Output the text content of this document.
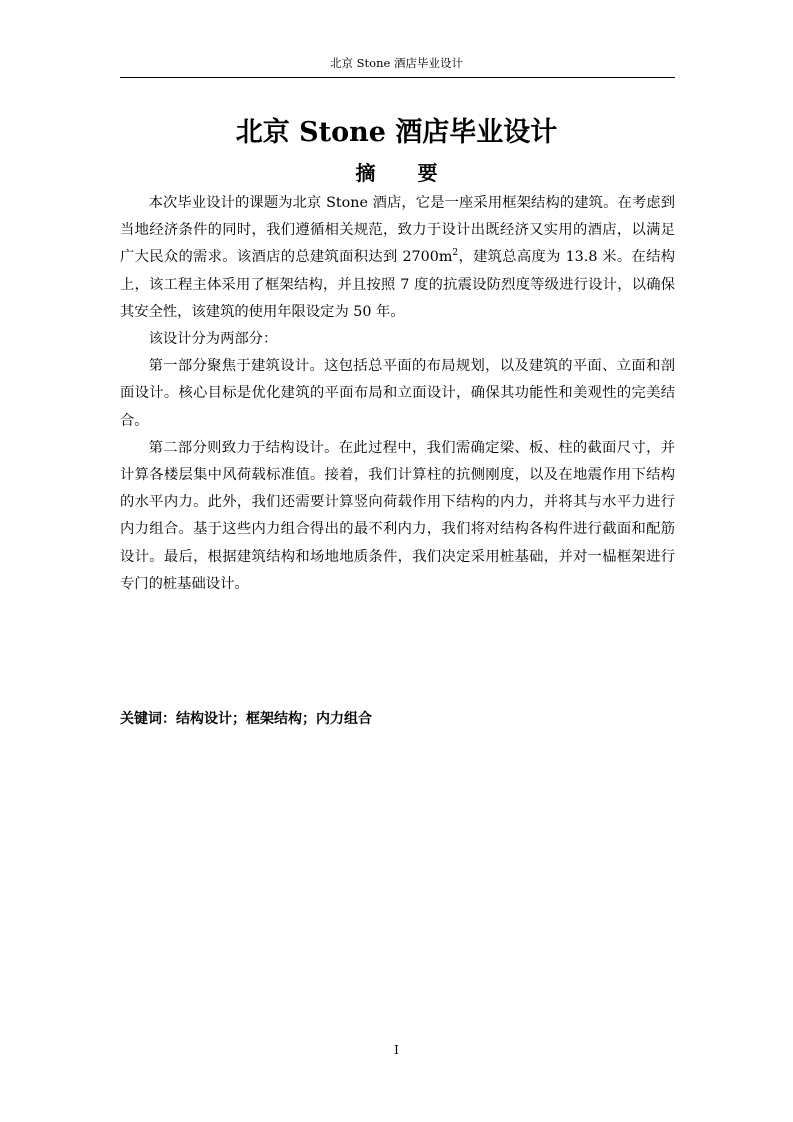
北京 Stone 酒店毕业设计
北京 Stone 酒店毕业设计
摘要

本次毕业设计的课题为北京 Stone 酒店，它是一座采用框架结构的建筑。在考虑到当地经济条件的同时，我们遵循相关规范，致力于设计出既经济又实用的酒店，以满足广大民众的需求。该酒店的总建筑面积达到 $2700m^2$，建筑总高度为 13.8 米。在结构上，该工程主体采用了框架结构，并且按照 7 度的抗震设防烈度等级进行设计，以确保其安全性，该建筑的使用年限设定为 50 年。

该设计分为两部分：

第一部分聚焦于建筑设计。这包括总平面的布局规划，以及建筑的平面、立面和剖面设计。核心目标是优化建筑的平面布局和立面设计，确保其功能性和美观性的完美结合。

第二部分则致力于结构设计。在此过程中，我们需确定梁、板、柱的截面尺寸，并计算各楼层集中风荷载标准值。接着，我们计算柱的抗侧刚度，以及在地震作用下结构的水平内力。此外，我们还需要计算竖向荷载作用下结构的内力，并将其与水平力进行内力组合。基于这些内力组合得出的最不利内力，我们将对结构各构件进行截面和配筋设计。最后，根据建筑结构和场地地质条件，我们决定采用桩基础，并对一榀框架进行专门的桩基础设计。

关键词：结构设计；框架结构；内力组合
I
